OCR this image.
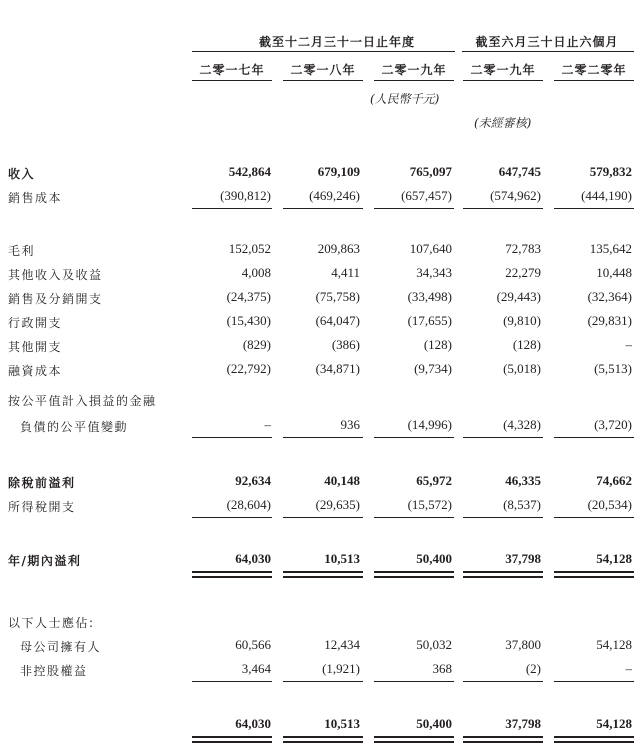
截至十二月三十一日止年度	截至六月三十日止六個月
二零一七年	二零一八年	二零一九年	二零一九年	二零二零年
(人民幣千元)
(未經審核)
收入	542,864	679,109	765,097	647,745	579,832
銷售成本	(390,812)	(469,246)	(657,457)	(574,962)	(444,190)
毛利	152,052	209,863	107,640	72,783	135,642
其他收入及收益	4,008	4,411	34,343	22,279	10,448
銷售及分銷開支	(24,375)	(75,758)	(33,498)	(29,443)	(32,364)
行政開支	(15,430)	(64,047)	(17,655)	(9,810)	(29,831)
其他開支	(829)	(386)	(128)	(128)	–
融資成本	(22,792)	(34,871)	(9,734)	(5,018)	(5,513)
按公平值計入損益的金融
負債的公平值變動	–	936	(14,996)	(4,328)	(3,720)
除稅前溢利	92,634	40,148	65,972	46,335	74,662
所得稅開支	(28,604)	(29,635)	(15,572)	(8,537)	(20,534)
年/期內溢利	64,030	10,513	50,400	37,798	54,128
以下人士應佔:
母公司擁有人	60,566	12,434	50,032	37,800	54,128
非控股權益	3,464	(1,921)	368	(2)	–
64,030	10,513	50,400	37,798	54,128
